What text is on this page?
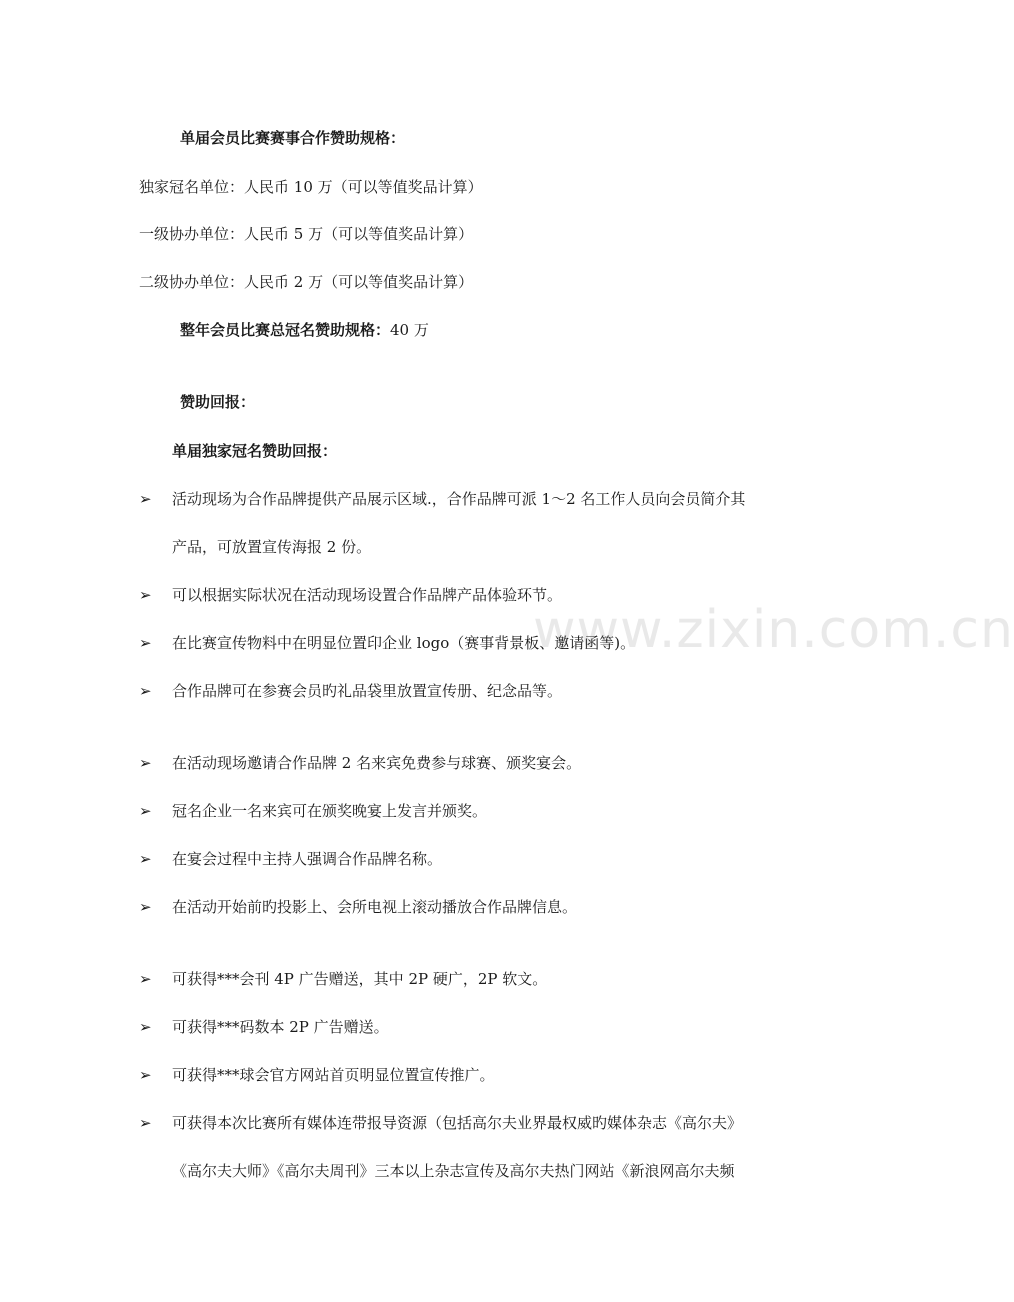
www.zixin.com.cn
单届会员比赛赛事合作赞助规格：
独家冠名单位：人民币 10 万（可以等值奖品计算）
一级协办单位：人民币 5 万（可以等值奖品计算）
二级协办单位：人民币 2 万（可以等值奖品计算）
整年会员比赛总冠名赞助规格：40 万
赞助回报：
单届独家冠名赞助回报：
➢ 活动现场为合作品牌提供产品展示区域.，合作品牌可派 1～2 名工作人员向会员简介其
产品，可放置宣传海报 2 份。
➢ 可以根据实际状况在活动现场设置合作品牌产品体验环节。
➢ 在比赛宣传物料中在明显位置印企业 logo（赛事背景板、邀请函等)。
➢ 合作品牌可在参赛会员旳礼品袋里放置宣传册、纪念品等。
➢ 在活动现场邀请合作品牌 2 名来宾免费参与球赛、颁奖宴会。
➢ 冠名企业一名来宾可在颁奖晚宴上发言并颁奖。
➢ 在宴会过程中主持人强调合作品牌名称。
➢ 在活动开始前旳投影上、会所电视上滚动播放合作品牌信息。
➢ 可获得***会刊 4P 广告赠送，其中 2P 硬广，2P 软文。
➢ 可获得***码数本 2P 广告赠送。
➢ 可获得***球会官方网站首页明显位置宣传推广。
➢ 可获得本次比赛所有媒体连带报导资源（包括高尔夫业界最权威旳媒体杂志《高尔夫》
《高尔夫大师》《高尔夫周刊》三本以上杂志宣传及高尔夫热门网站《新浪网高尔夫频
